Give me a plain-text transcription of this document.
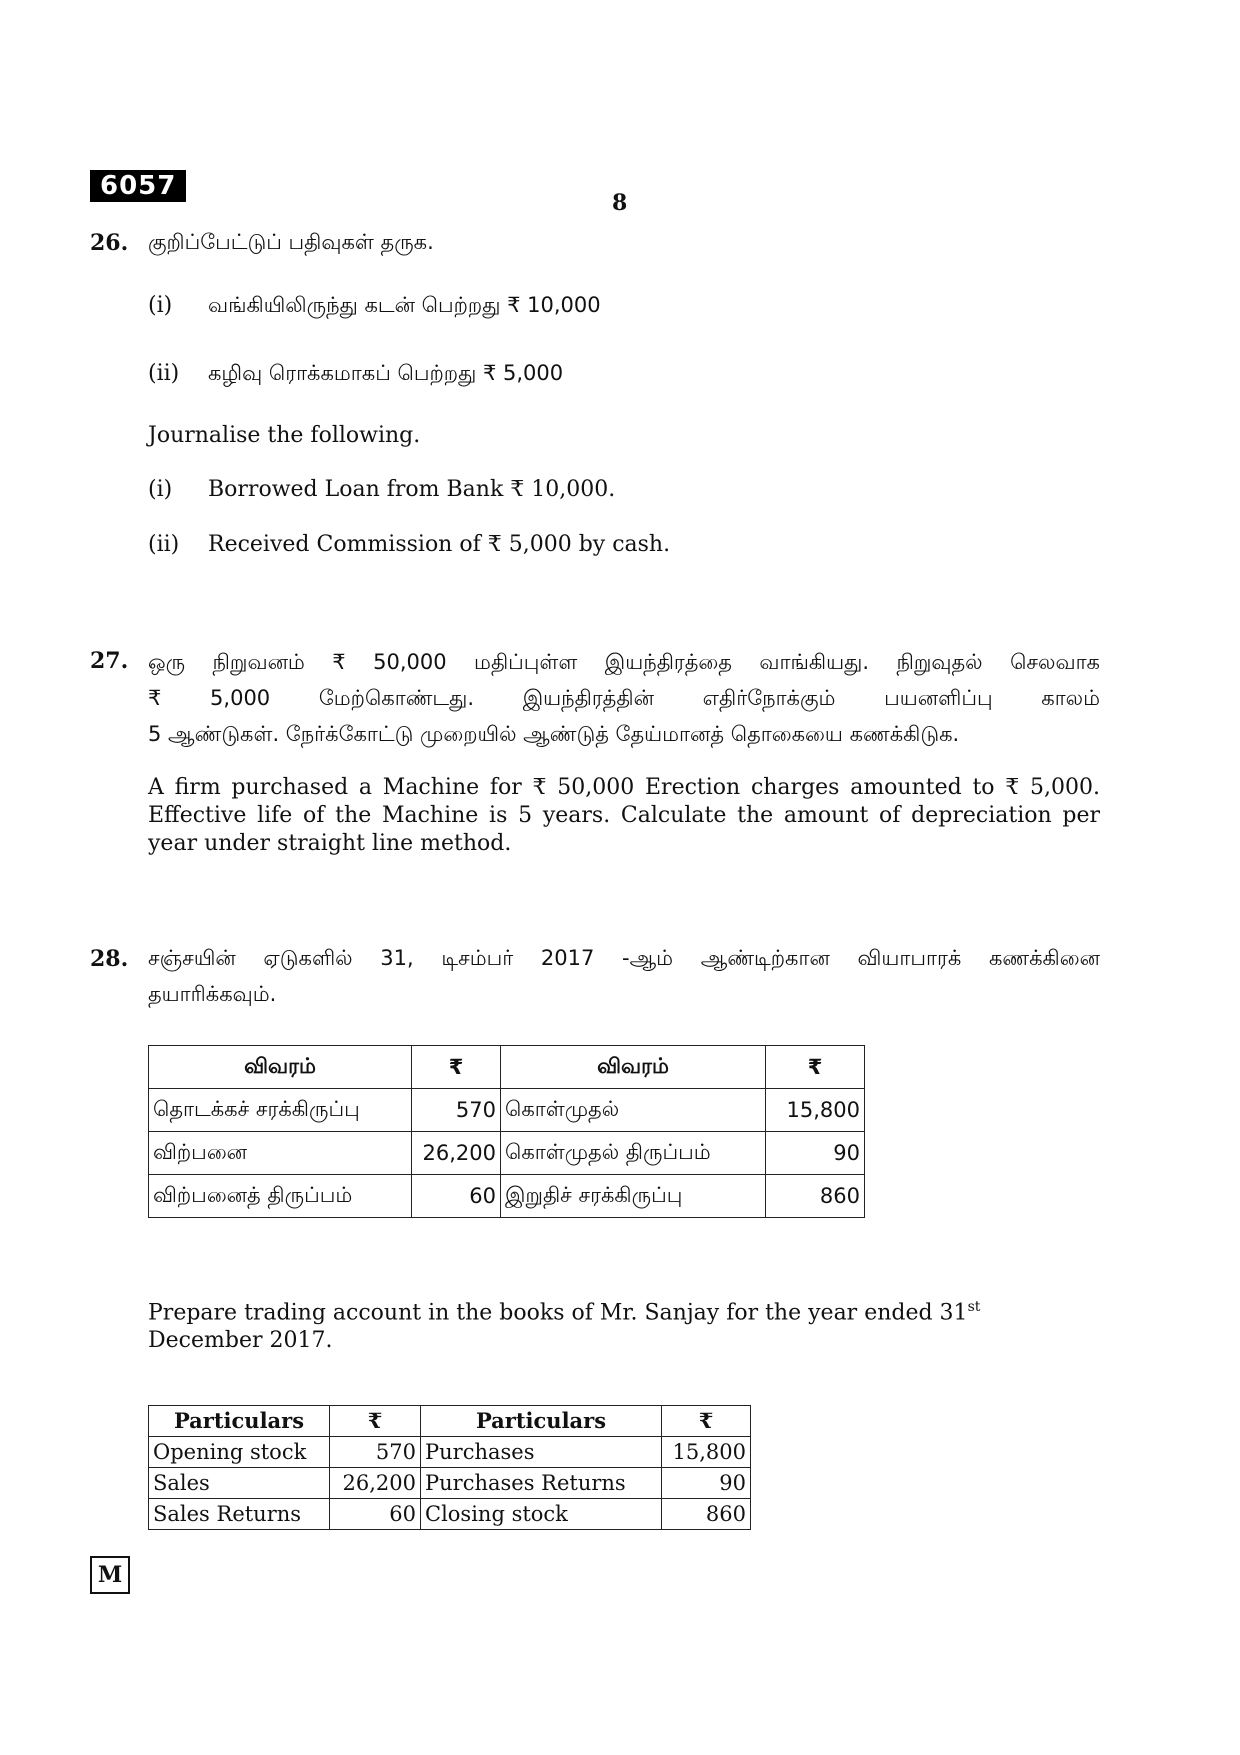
6057
8
26. குறிப்பேட்டுப் பதிவுகள் தருக.
(i) வங்கியிலிருந்து கடன் பெற்றது ₹ 10,000
(ii) கழிவு ரொக்கமாகப் பெற்றது ₹ 5,000
Journalise the following.
(i) Borrowed Loan from Bank ₹ 10,000.
(ii) Received Commission of ₹ 5,000 by cash.
27. ஒரு நிறுவனம் ₹ 50,000 மதிப்புள்ள இயந்திரத்தை வாங்கியது. நிறுவுதல் செலவாக
₹ 5,000 மேற்கொண்டது. இயந்திரத்தின் எதிர்நோக்கும் பயனளிப்பு காலம்
5 ஆண்டுகள். நேர்க்கோட்டு முறையில் ஆண்டுத் தேய்மானத் தொகையை கணக்கிடுக.
A firm purchased a Machine for ₹ 50,000 Erection charges amounted to ₹ 5,000. Effective life of the Machine is 5 years. Calculate the amount of depreciation per year under straight line method.
28. சஞ்சயின் ஏடுகளில் 31, டிசம்பர் 2017 -ஆம் ஆண்டிற்கான வியாபாரக் கணக்கினை
தயாரிக்கவும்.
விவரம்	₹	விவரம்	₹
தொடக்கச் சரக்கிருப்பு	570	கொள்முதல்	15,800
விற்பனை	26,200	கொள்முதல் திருப்பம்	90
விற்பனைத் திருப்பம்	60	இறுதிச் சரக்கிருப்பு	860
Prepare trading account in the books of Mr. Sanjay for the year ended 31st December 2017.
Particulars	₹	Particulars	₹
Opening stock	570	Purchases	15,800
Sales	26,200	Purchases Returns	90
Sales Returns	60	Closing stock	860
M
